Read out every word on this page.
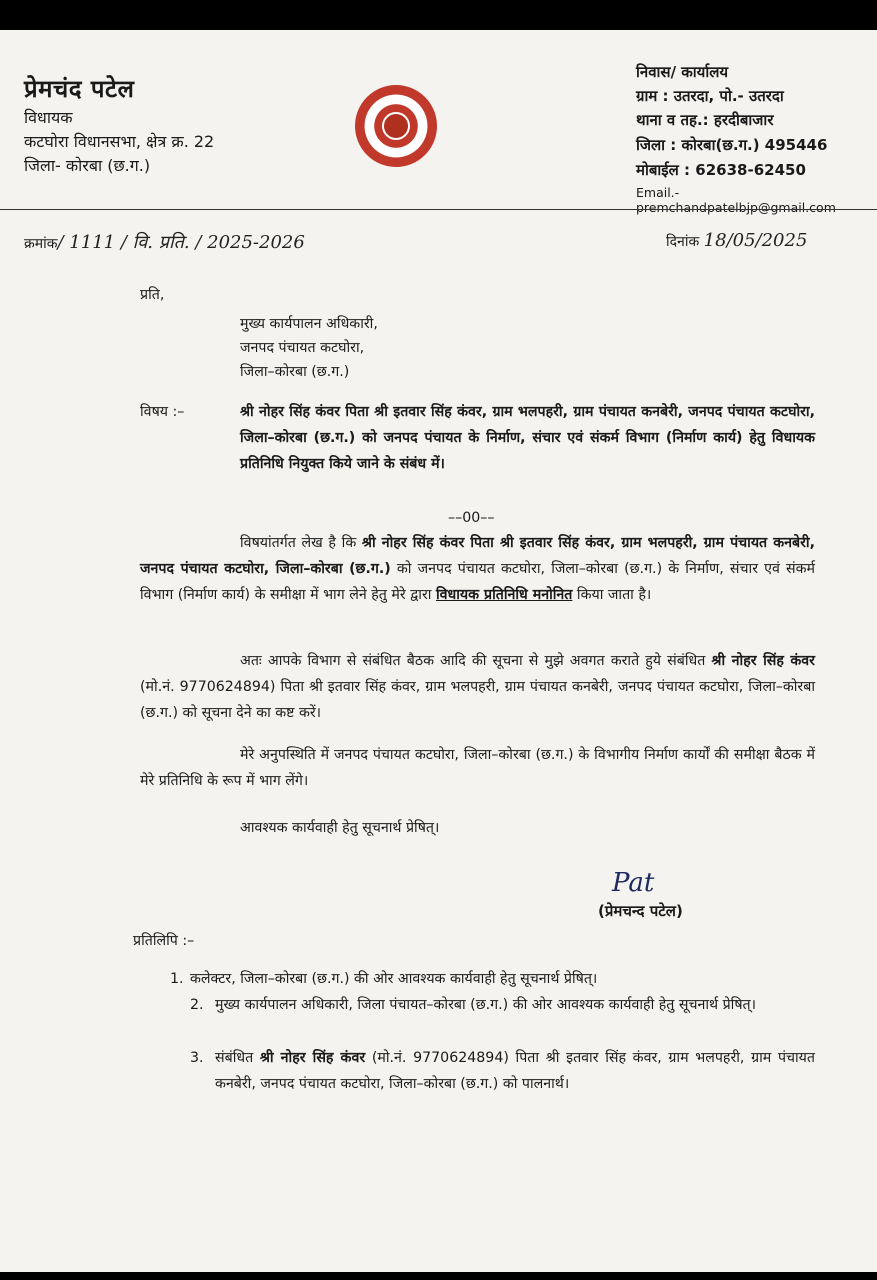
प्रेमचंद पटेल
विधायक
कटघोरा विधानसभा, क्षेत्र क्र. 22
जिला- कोरबा (छ.ग.)
निवास/ कार्यालय
ग्राम : उतरदा, पो.- उतरदा
थाना व तह.: हरदीबाजार
जिला : कोरबा(छ.ग.) 495446
मोबाईल : 62638-62450
Email.-premchandpatelbjp@gmail.com
क्रमांक/ 1111 / वि. प्रति. / 2025-2026	दिनांक 18/05/2025
प्रति,
मुख्य कार्यपालन अधिकारी,
जनपद पंचायत कटघोरा,
जिला–कोरबा (छ.ग.)
विषय :–	श्री नोहर सिंह कंवर पिता श्री इतवार सिंह कंवर, ग्राम भलपहरी, ग्राम पंचायत कनबेरी, जनपद पंचायत कटघोरा, जिला–कोरबा (छ.ग.) को जनपद पंचायत के निर्माण, संचार एवं संकर्म विभाग (निर्माण कार्य) हेतु विधायक प्रतिनिधि नियुक्त किये जाने के संबंध में।
––00––
विषयांतर्गत लेख है कि श्री नोहर सिंह कंवर पिता श्री इतवार सिंह कंवर, ग्राम भलपहरी, ग्राम पंचायत कनबेरी, जनपद पंचायत कटघोरा, जिला–कोरबा (छ.ग.) को जनपद पंचायत कटघोरा, जिला–कोरबा (छ.ग.) के निर्माण, संचार एवं संकर्म विभाग (निर्माण कार्य) के समीक्षा में भाग लेने हेतु मेरे द्वारा विधायक प्रतिनिधि मनोनित किया जाता है।
अतः आपके विभाग से संबंधित बैठक आदि की सूचना से मुझे अवगत कराते हुये संबंधित श्री नोहर सिंह कंवर (मो.नं. 9770624894) पिता श्री इतवार सिंह कंवर, ग्राम भलपहरी, ग्राम पंचायत कनबेरी, जनपद पंचायत कटघोरा, जिला–कोरबा (छ.ग.) को सूचना देने का कष्ट करें।
मेरे अनुपस्थिति में जनपद पंचायत कटघोरा, जिला–कोरबा (छ.ग.) के विभागीय निर्माण कार्यों की समीक्षा बैठक में मेरे प्रतिनिधि के रूप में भाग लेंगे।
आवश्यक कार्यवाही हेतु सूचनार्थ प्रेषित्।
Pat
(प्रेमचन्द पटेल)
प्रतिलिपि :–
1. कलेक्टर, जिला–कोरबा (छ.ग.) की ओर आवश्यक कार्यवाही हेतु सूचनार्थ प्रेषित्।
2. मुख्य कार्यपालन अधिकारी, जिला पंचायत–कोरबा (छ.ग.) की ओर आवश्यक कार्यवाही हेतु सूचनार्थ प्रेषित्।
3. संबंधित श्री नोहर सिंह कंवर (मो.नं. 9770624894) पिता श्री इतवार सिंह कंवर, ग्राम भलपहरी, ग्राम पंचायत कनबेरी, जनपद पंचायत कटघोरा, जिला–कोरबा (छ.ग.) को पालनार्थ।
